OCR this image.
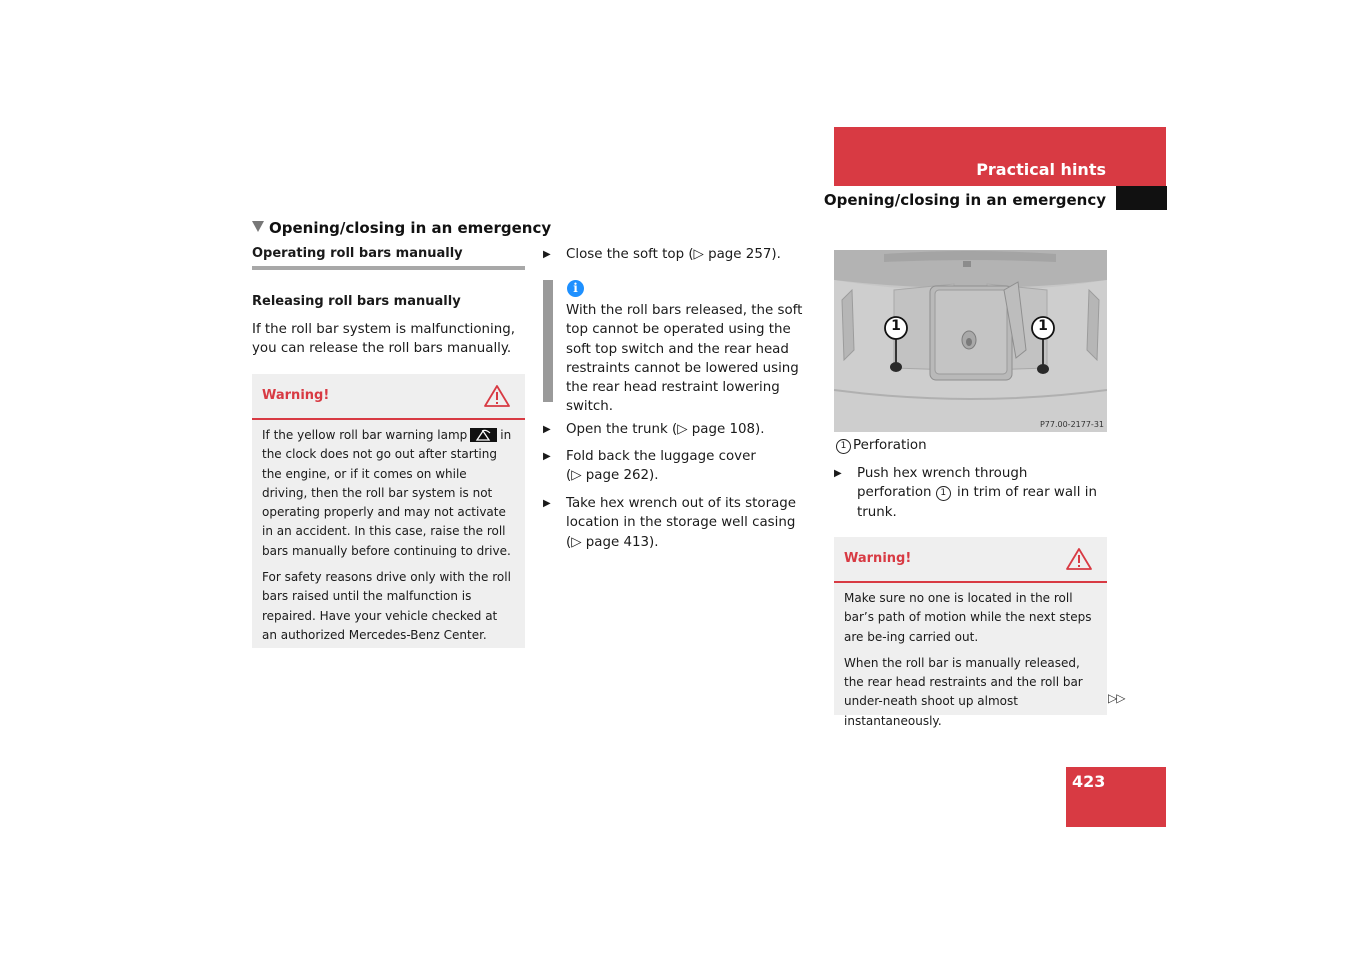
Practical hints
Opening/closing in an emergency
Opening/closing in an emergency
Operating roll bars manually
Releasing roll bars manually
If the roll bar system is malfunctioning, you can release the roll bars manually.
Warning!

If the yellow roll bar warning lamp	in the clock does not go out after starting the engine, or if it comes on while driving, then the roll bar system is not operating properly and may not activate in an accident. In this case, raise the roll bars manually before continuing to drive.

For safety reasons drive only with the roll bars raised until the malfunction is repaired. Have your vehicle checked at an authorized Mercedes-Benz Center.

▶	Close the soft top (▷ page 257).
i
With the roll bars released, the soft top cannot be operated using the soft top switch and the rear head restraints cannot be lowered using the rear head restraint lowering switch.
▶	Open the trunk (▷ page 108).
▶	Fold back the luggage cover (▷ page 262).
▶	Take hex wrench out of its storage location in the storage well casing (▷ page 413).
1	1
P77.00-2177-31
1 Perforation
▶	Push hex wrench through perforation 1 in trim of rear wall in trunk.
Warning!

Make sure no one is located in the roll bar’s path of motion while the next steps are be-ing carried out.

When the roll bar is manually released, the rear head restraints and the roll bar under-neath shoot up almost instantaneously.

▷▷
423
